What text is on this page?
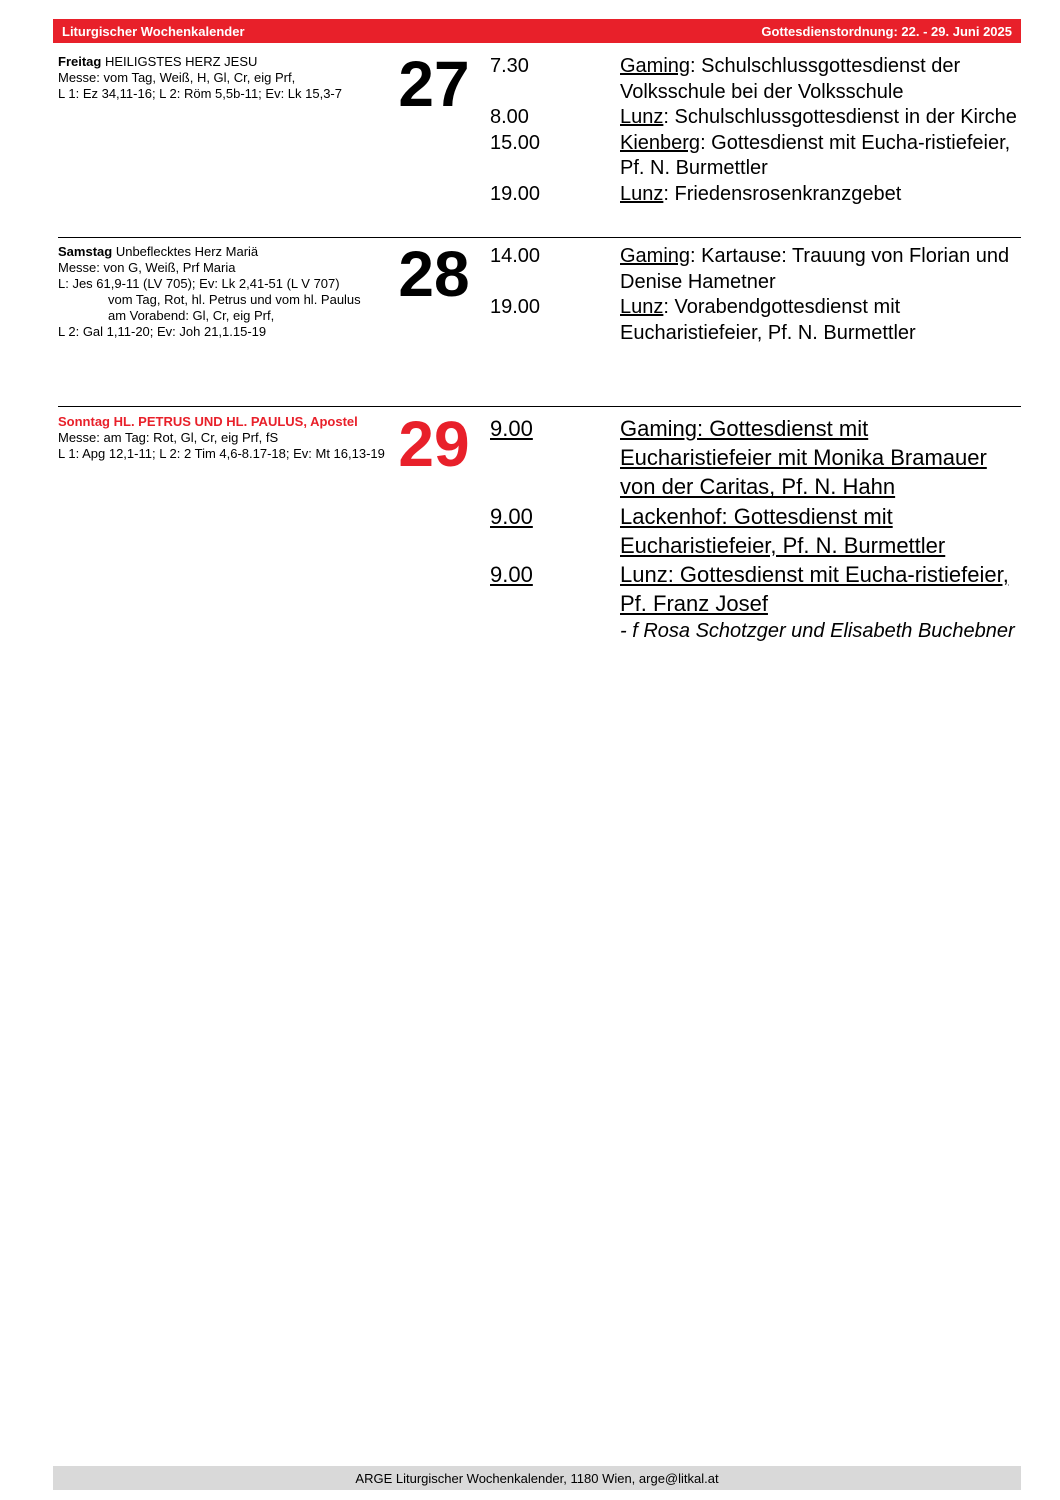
Liturgischer Wochenkalender	Gottesdienstordnung: 22. - 29. Juni 2025
Freitag HEILIGSTES HERZ JESU
Messe: vom Tag, Weiß, H, Gl, Cr, eig Prf,
L 1: Ez 34,11-16; L 2: Röm 5,5b-11; Ev: Lk 15,3-7 27 7.30	Gaming: Schulschlussgottesdienst der Volksschule bei der Volksschule
8.00	Lunz: Schulschlussgottesdienst in der Kirche
15.00	Kienberg: Gottesdienst mit Eucha-ristiefeier, Pf. N. Burmettler
19.00	Lunz: Friedensrosenkranzgebet
Samstag Unbeflecktes Herz Mariä
Messe: von G, Weiß, Prf Maria
L: Jes 61,9-11 (LV 705); Ev: Lk 2,41-51 (L V 707)
vom Tag, Rot, hl. Petrus und vom hl. Paulus
am Vorabend: Gl, Cr, eig Prf,
L 2: Gal 1,11-20; Ev: Joh 21,1.15-19
28 14.00	Gaming: Kartause: Trauung von Florian und Denise Hametner
19.00	Lunz: Vorabendgottesdienst mit Eucharistiefeier, Pf. N. Burmettler
Sonntag HL. PETRUS UND HL. PAULUS, Apostel
Messe: am Tag: Rot, Gl, Cr, eig Prf, fS
L 1: Apg 12,1-11; L 2: 2 Tim 4,6-8.17-18; Ev: Mt 16,13-19 29 9.00	Gaming: Gottesdienst mit Eucharistiefeier mit Monika Bramauer von der Caritas, Pf. N. Hahn
9.00	Lackenhof: Gottesdienst mit Eucharistiefeier, Pf. N. Burmettler
9.00	Lunz: Gottesdienst mit Eucha-ristiefeier, Pf. Franz Josef
- f Rosa Schotzger und Elisabeth Buchebner
ARGE Liturgischer Wochenkalender, 1180 Wien, arge@litkal.at
